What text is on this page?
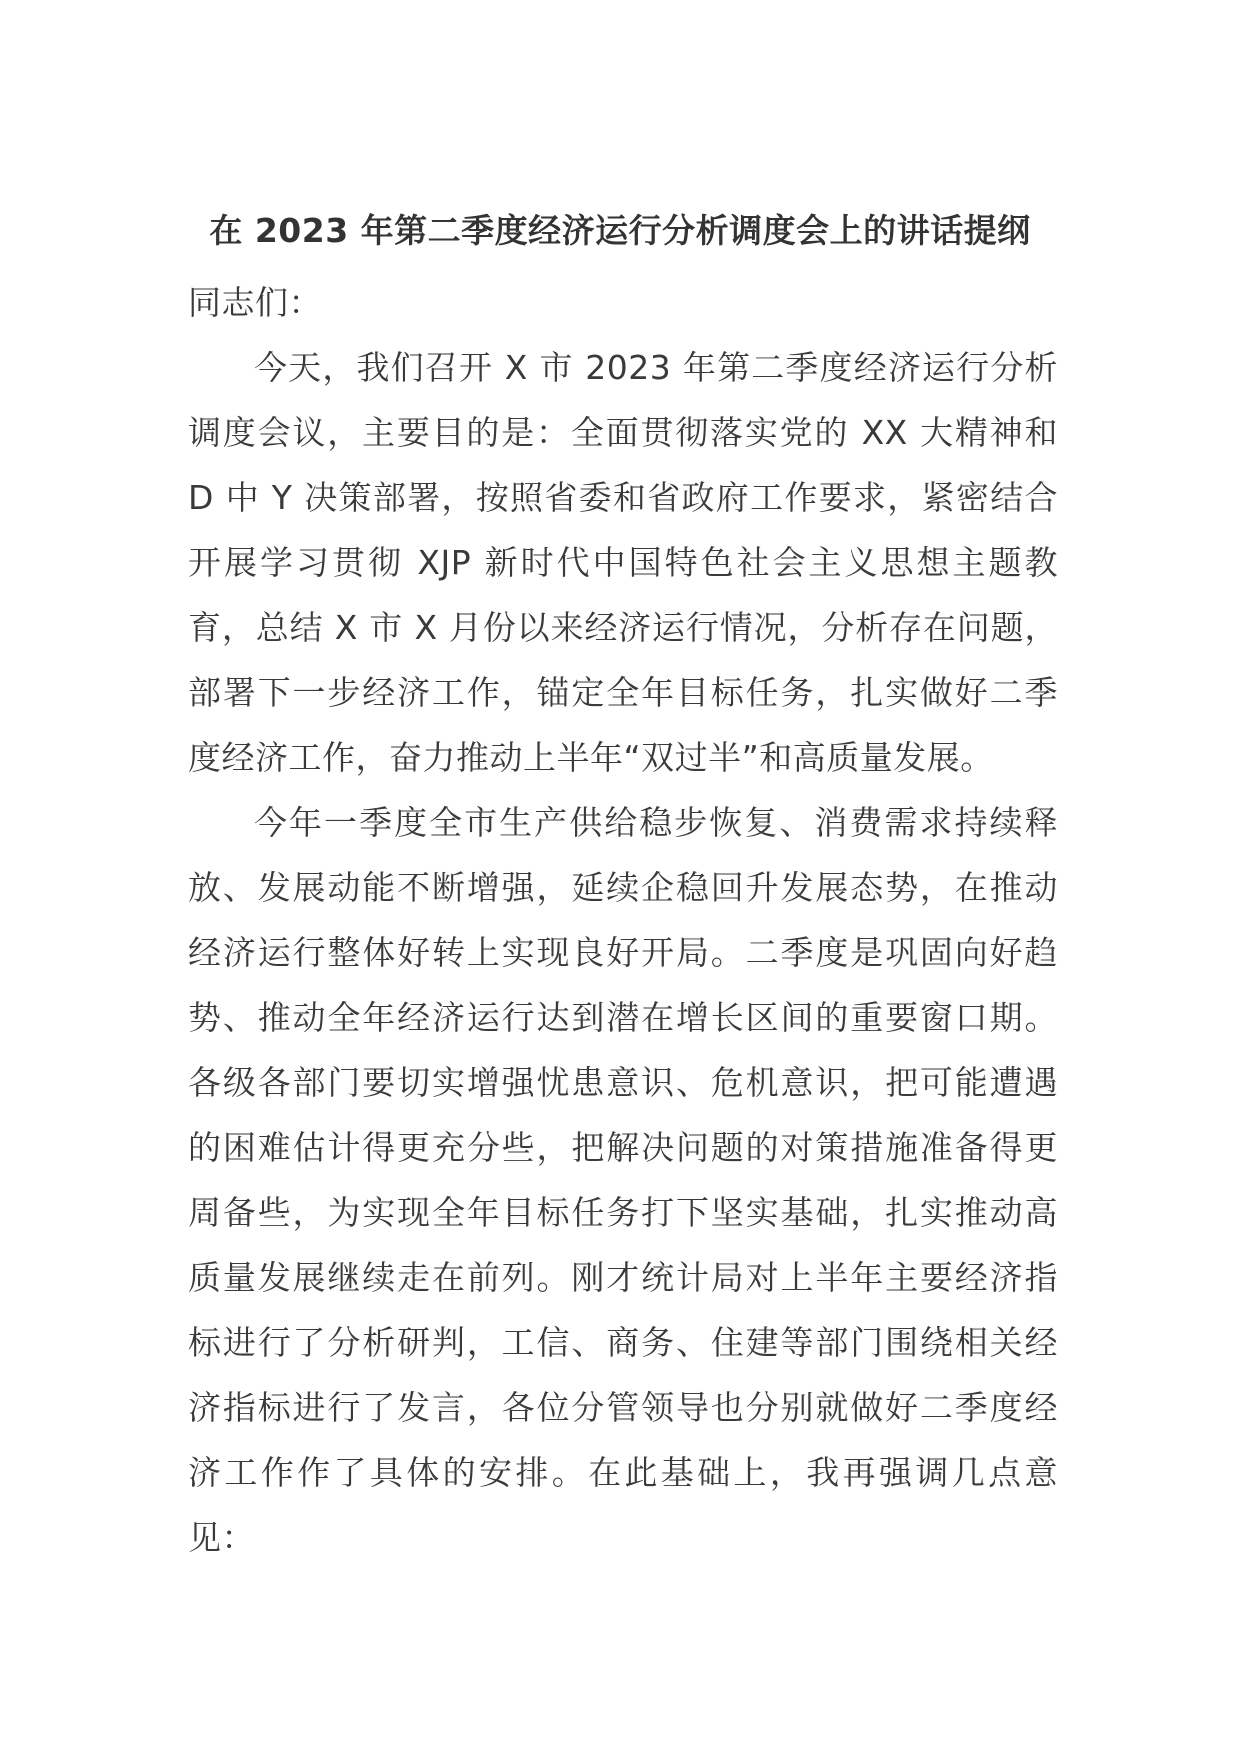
在 2023 年第二季度经济运行分析调度会上的讲话提纲

同志们：

今天，我们召开 X 市 2023 年第二季度经济运行分析调度会议，主要目的是：全面贯彻落实党的 XX 大精神和 D 中 Y 决策部署，按照省委和省政府工作要求，紧密结合开展学习贯彻 XJP 新时代中国特色社会主义思想主题教育，总结 X 市 X 月份以来经济运行情况，分析存在问题，部署下一步经济工作，锚定全年目标任务，扎实做好二季度经济工作，奋力推动上半年“双过半”和高质量发展。

今年一季度全市生产供给稳步恢复、消费需求持续释放、发展动能不断增强，延续企稳回升发展态势，在推动经济运行整体好转上实现良好开局。二季度是巩固向好趋势、推动全年经济运行达到潜在增长区间的重要窗口期。各级各部门要切实增强忧患意识、危机意识，把可能遭遇的困难估计得更充分些，把解决问题的对策措施准备得更周备些，为实现全年目标任务打下坚实基础，扎实推动高质量发展继续走在前列。刚才统计局对上半年主要经济指标进行了分析研判，工信、商务、住建等部门围绕相关经济指标进行了发言，各位分管领导也分别就做好二季度经济工作作了具体的安排。在此基础上，我再强调几点意见：
